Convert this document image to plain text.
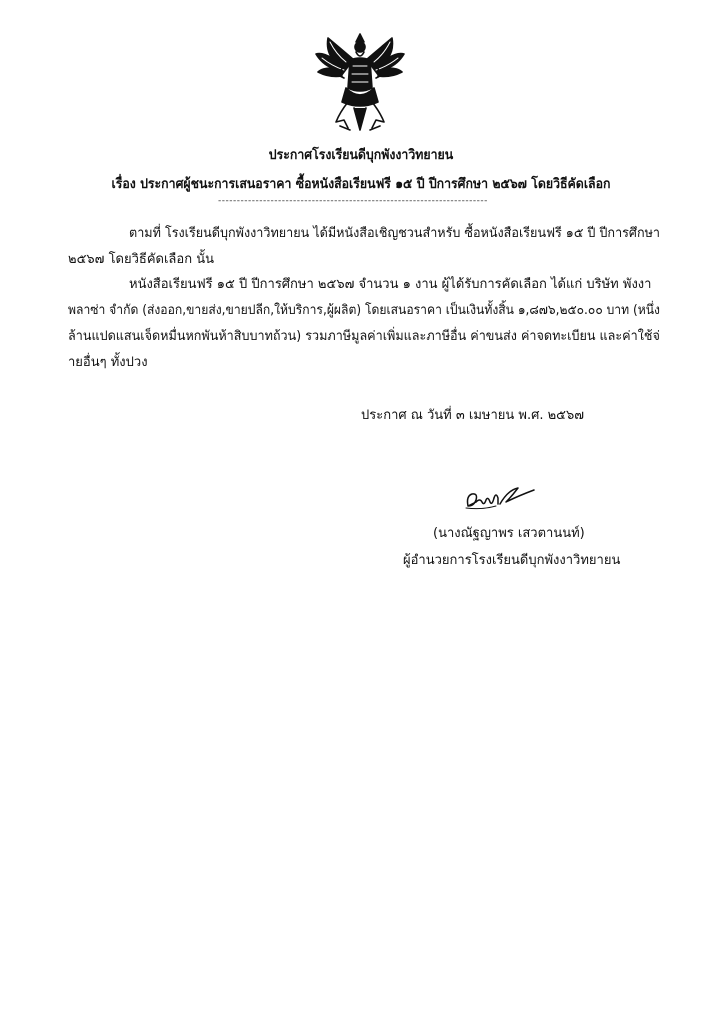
ประกาศโรงเรียนดีบุกพังงาวิทยายน
เรื่อง ประกาศผู้ชนะการเสนอราคา ซื้อหนังสือเรียนฟรี ๑๕ ปี ปีการศึกษา ๒๕๖๗ โดยวิธีคัดเลือก
------------------------------------------------------------------------
ตามที่ โรงเรียนดีบุกพังงาวิทยายน ได้มีหนังสือเชิญชวนสำหรับ ซื้อหนังสือเรียนฟรี ๑๕ ปี ปีการศึกษา
๒๕๖๗ โดยวิธีคัดเลือก นั้น
หนังสือเรียนฟรี ๑๕ ปี ปีการศึกษา ๒๕๖๗ จำนวน ๑ งาน ผู้ได้รับการคัดเลือก ได้แก่ บริษัท พังงา
พลาซ่า จำกัด (ส่งออก,ขายส่ง,ขายปลีก,ให้บริการ,ผู้ผลิต) โดยเสนอราคา เป็นเงินทั้งสิ้น ๑,๘๗๖,๒๕๐.๐๐ บาท (หนึ่ง
ล้านแปดแสนเจ็ดหมื่นหกพันห้าสิบบาทถ้วน) รวมภาษีมูลค่าเพิ่มและภาษีอื่น ค่าขนส่ง ค่าจดทะเบียน และค่าใช้จ่
ายอื่นๆ ทั้งปวง
ประกาศ ณ วันที่ ๓ เมษายน พ.ศ. ๒๕๖๗
(นางณัฐญาพร เสวตานนท์)
ผู้อำนวยการโรงเรียนดีบุกพังงาวิทยายน
